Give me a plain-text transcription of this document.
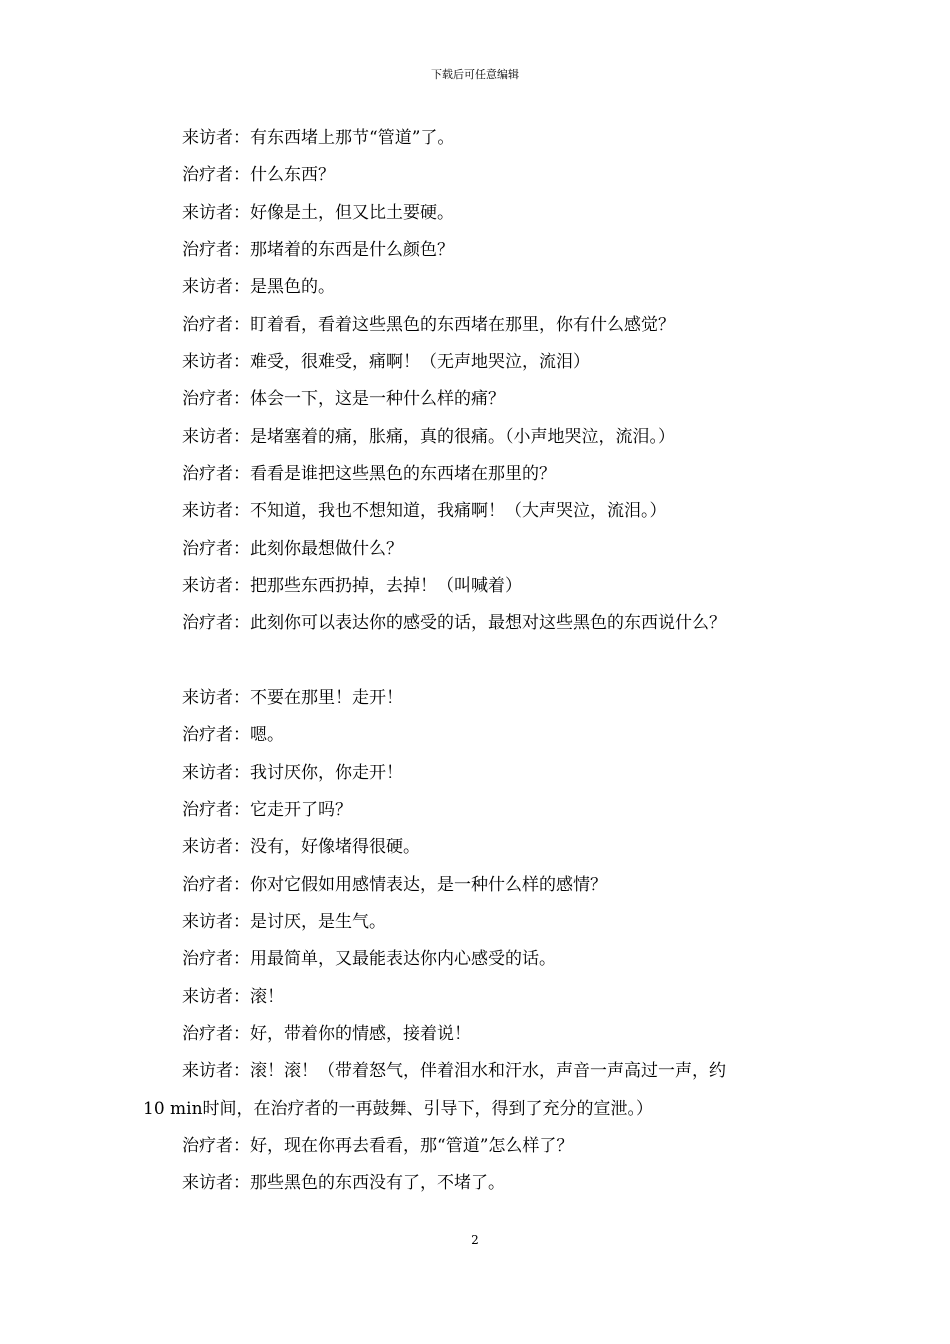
下载后可任意编辑
来访者：有东西堵上那节“管道”了。
治疗者：什么东西？
来访者：好像是土，但又比土要硬。
治疗者：那堵着的东西是什么颜色？
来访者：是黑色的。
治疗者：盯着看，看着这些黑色的东西堵在那里，你有什么感觉？
来访者：难受，很难受，痛啊！（无声地哭泣，流泪）
治疗者：体会一下，这是一种什么样的痛？
来访者：是堵塞着的痛，胀痛，真的很痛。（小声地哭泣，流泪。）
治疗者：看看是谁把这些黑色的东西堵在那里的？
来访者：不知道，我也不想知道，我痛啊！（大声哭泣，流泪。）
治疗者：此刻你最想做什么？
来访者：把那些东西扔掉，去掉！（叫喊着）
治疗者：此刻你可以表达你的感受的话，最想对这些黑色的东西说什么？
来访者：不要在那里！走开！
治疗者：嗯。
来访者：我讨厌你，你走开！
治疗者：它走开了吗？
来访者：没有，好像堵得很硬。
治疗者：你对它假如用感情表达，是一种什么样的感情？
来访者：是讨厌，是生气。
治疗者：用最简单，又最能表达你内心感受的话。
来访者：滚！
治疗者：好，带着你的情感，接着说！
来访者：滚！滚！（带着怒气，伴着泪水和汗水，声音一声高过一声，约
10 min时间，在治疗者的一再鼓舞、引导下，得到了充分的宣泄。）
治疗者：好，现在你再去看看，那“管道”怎么样了？
来访者：那些黑色的东西没有了，不堵了。
2
